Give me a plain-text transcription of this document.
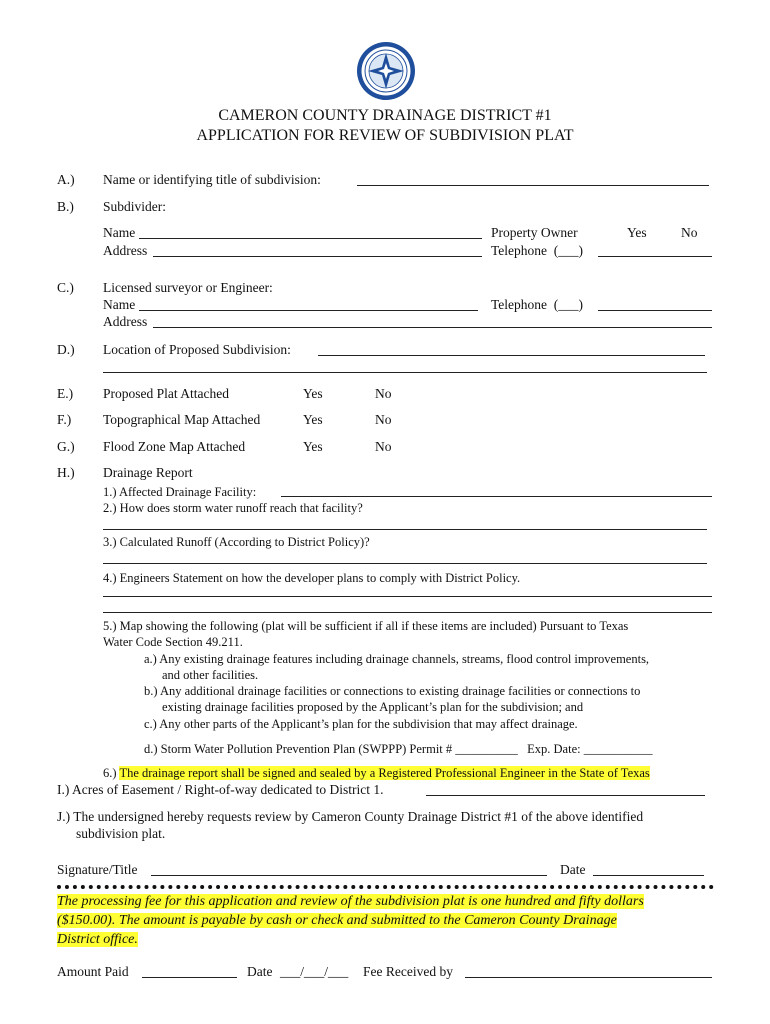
CAMERON COUNTY DRAINAGE DISTRICT #1
APPLICATION FOR REVIEW OF SUBDIVISION PLAT
A.) Name or identifying title of subdivision:
B.) Subdivider:
Name	Property Owner	Yes	No
Address	Telephone (___)
C.) Licensed surveyor or Engineer:
Name	Telephone (___)
Address
D.) Location of Proposed Subdivision:
E.) Proposed Plat Attached	Yes	No
F.) Topographical Map Attached	Yes	No
G.) Flood Zone Map Attached	Yes	No
H.) Drainage Report
1.) Affected Drainage Facility:
2.) How does storm water runoff reach that facility?
3.) Calculated Runoff (According to District Policy)?
4.) Engineers Statement on how the developer plans to comply with District Policy.
5.) Map showing the following (plat will be sufficient if all if these items are included) Pursuant to Texas
Water Code Section 49.211.
a.) Any existing drainage features including drainage channels, streams, flood control improvements,
and other facilities.
b.) Any additional drainage facilities or connections to existing drainage facilities or connections to
existing drainage facilities proposed by the Applicant’s plan for the subdivision; and
c.) Any other parts of the Applicant’s plan for the subdivision that may affect drainage.
d.) Storm Water Pollution Prevention Plan (SWPPP) Permit # __________ Exp. Date: ___________
6.) The drainage report shall be signed and sealed by a Registered Professional Engineer in the State of Texas
I.) Acres of Easement / Right-of-way dedicated to District 1.
J.) The undersigned hereby requests review by Cameron County Drainage District #1 of the above identified
subdivision plat.
Signature/Title	Date
The processing fee for this application and review of the subdivision plat is one hundred and fifty dollars
($150.00). The amount is payable by cash or check and submitted to the Cameron County Drainage
District office.
Amount Paid	Date ___/___/___ Fee Received by
